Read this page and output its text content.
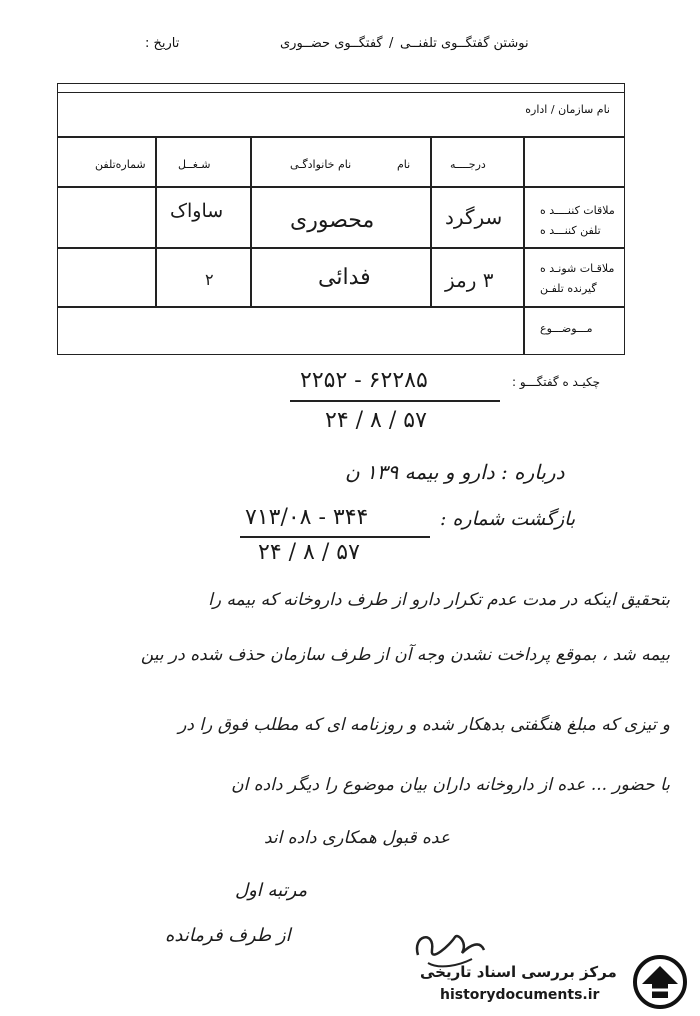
نوشتن گفتگــوی تلفنــی
/
گفتگــوی حضــوری
تاریخ :
نام سازمان / اداره
درجــــه
نام
نام خانوادگـی
شـغــل
شماره‌تلفن
ملاقات کننــــد ه
تلفن کننـــد ه
سرگرد
محصوری
ساواک
ملاقـات شونـد ه
گیرنده تلفـن
۳ رمز
فدائی
۲
مـــوضـــوع
چکیـد ه گفتگـــو :
۲۲۵۲ - ۶۲۲۸۵
۲۴ / ۸ / ۵۷
درباره : دارو و بیمه ۱۳۹ ن
بازگشت شماره :
۷۱۳/۰۸ - ۳۴۴
۲۴ / ۸ / ۵۷
بتحقیق اینکه در مدت عدم تکرار دارو از طرف داروخانه که بیمه را
بیمه شد ، بموقع پرداخت نشدن وجه آن از طرف سازمان حذف شده در بین
و تیزی که مبلغ هنگفتی بدهکار شده و روزنامه ای که مطلب فوق را در
با حضور ... عده از داروخانه داران بیان موضوع را دیگر داده ان
عده قبول همکاری داده اند
مرتبه اول
از طرف فرمانده
مرکز بررسی اسناد تاریخی
historydocuments.ir
